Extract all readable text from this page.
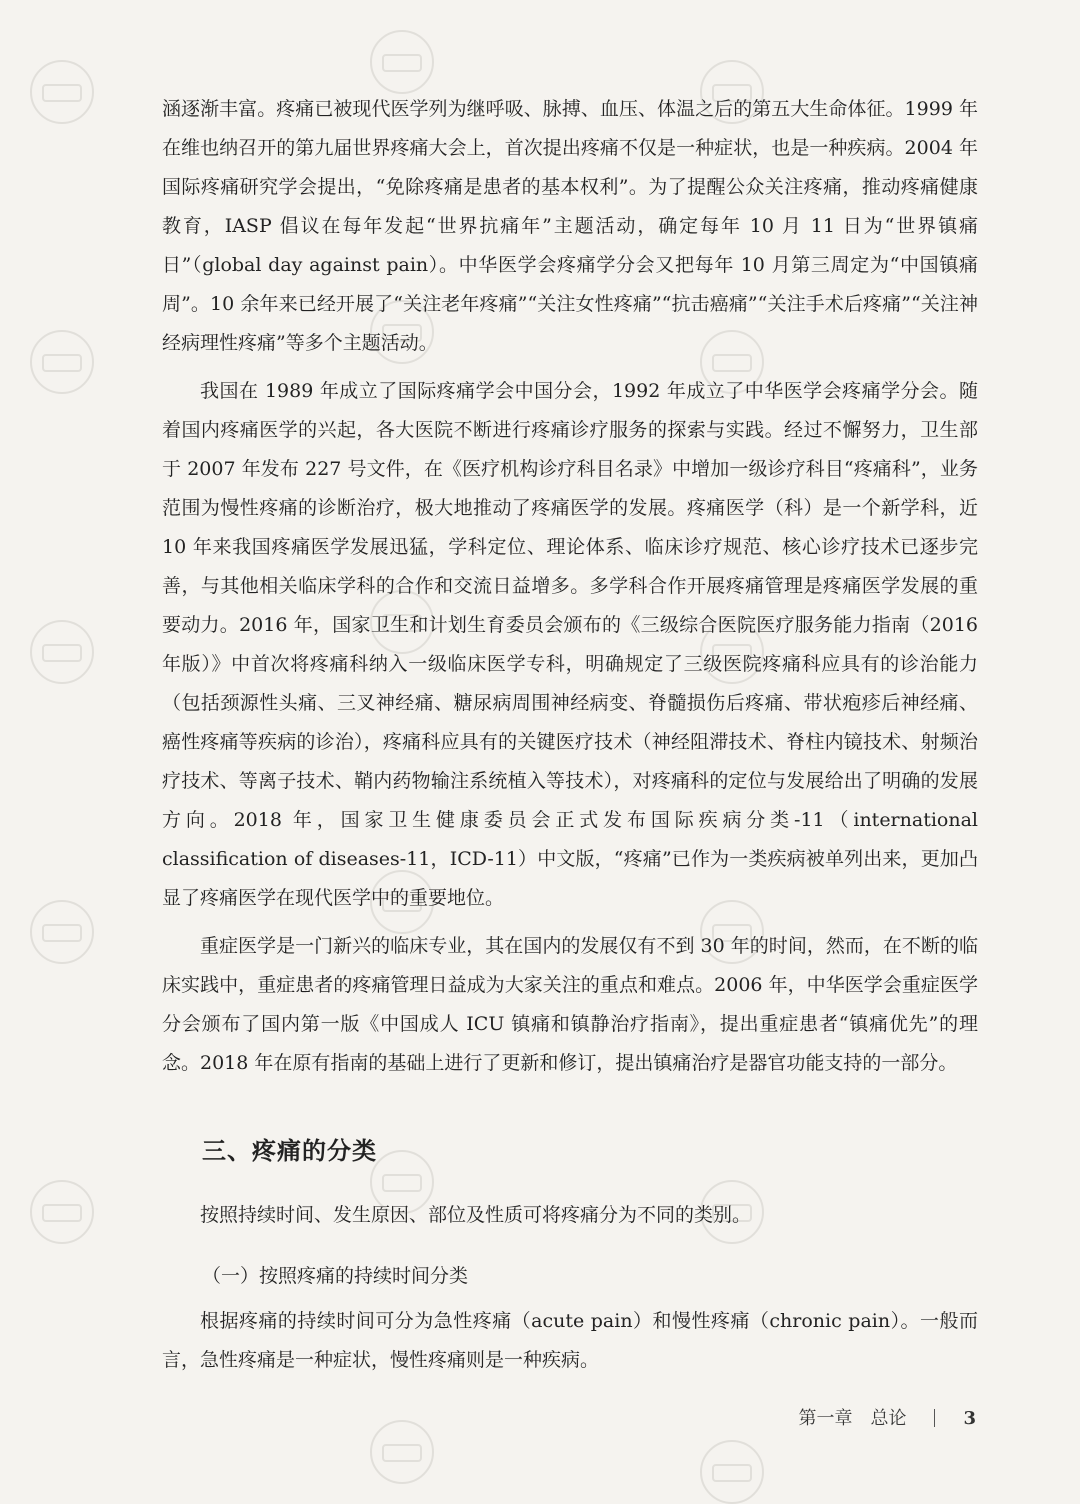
涵逐渐丰富。疼痛已被现代医学列为继呼吸、脉搏、血压、体温之后的第五大生命体征。1999 年在维也纳召开的第九届世界疼痛大会上，首次提出疼痛不仅是一种症状，也是一种疾病。2004 年国际疼痛研究学会提出，“免除疼痛是患者的基本权利”。为了提醒公众关注疼痛，推动疼痛健康教育，IASP 倡议在每年发起“世界抗痛年”主题活动，确定每年 10 月 11 日为“世界镇痛日”（global day against pain）。中华医学会疼痛学分会又把每年 10 月第三周定为“中国镇痛周”。10 余年来已经开展了“关注老年疼痛”“关注女性疼痛”“抗击癌痛”“关注手术后疼痛”“关注神经病理性疼痛”等多个主题活动。

我国在 1989 年成立了国际疼痛学会中国分会，1992 年成立了中华医学会疼痛学分会。随着国内疼痛医学的兴起，各大医院不断进行疼痛诊疗服务的探索与实践。经过不懈努力，卫生部于 2007 年发布 227 号文件，在《医疗机构诊疗科目名录》中增加一级诊疗科目“疼痛科”，业务范围为慢性疼痛的诊断治疗，极大地推动了疼痛医学的发展。疼痛医学（科）是一个新学科，近 10 年来我国疼痛医学发展迅猛，学科定位、理论体系、临床诊疗规范、核心诊疗技术已逐步完善，与其他相关临床学科的合作和交流日益增多。多学科合作开展疼痛管理是疼痛医学发展的重要动力。2016 年，国家卫生和计划生育委员会颁布的《三级综合医院医疗服务能力指南（2016 年版）》中首次将疼痛科纳入一级临床医学专科，明确规定了三级医院疼痛科应具有的诊治能力（包括颈源性头痛、三叉神经痛、糖尿病周围神经病变、脊髓损伤后疼痛、带状疱疹后神经痛、癌性疼痛等疾病的诊治），疼痛科应具有的关键医疗技术（神经阻滞技术、脊柱内镜技术、射频治疗技术、等离子技术、鞘内药物输注系统植入等技术），对疼痛科的定位与发展给出了明确的发展方向。2018 年，国家卫生健康委员会正式发布国际疾病分类-11（international classification of diseases-11，ICD-11）中文版，“疼痛”已作为一类疾病被单列出来，更加凸显了疼痛医学在现代医学中的重要地位。

重症医学是一门新兴的临床专业，其在国内的发展仅有不到 30 年的时间，然而，在不断的临床实践中，重症患者的疼痛管理日益成为大家关注的重点和难点。2006 年，中华医学会重症医学分会颁布了国内第一版《中国成人 ICU 镇痛和镇静治疗指南》，提出重症患者“镇痛优先”的理念。2018 年在原有指南的基础上进行了更新和修订，提出镇痛治疗是器官功能支持的一部分。

三、疼痛的分类

按照持续时间、发生原因、部位及性质可将疼痛分为不同的类别。

（一）按照疼痛的持续时间分类

根据疼痛的持续时间可分为急性疼痛（acute pain）和慢性疼痛（chronic pain）。一般而言，急性疼痛是一种症状，慢性疼痛则是一种疾病。

第一章　总论	3
